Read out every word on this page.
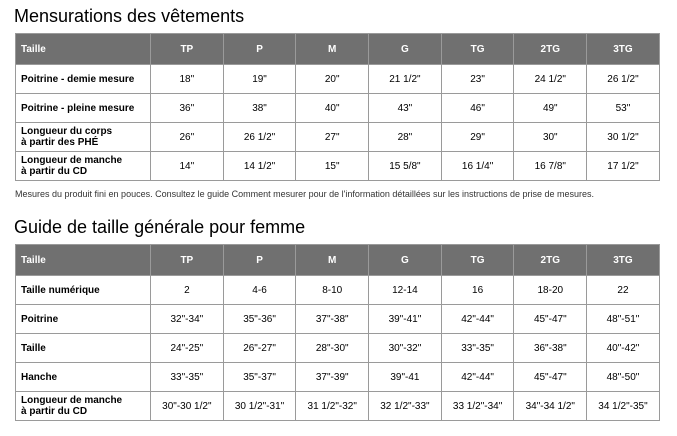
Mensurations des vêtements
Taille	TP	P	M	G	TG	2TG	3TG

Poitrine - demie mesure	18"	19"	20"	21 1/2"	23"	24 1/2"	26 1/2"

Poitrine - pleine mesure	36"	38"	40"	43"	46"	49"	53"

Longueur du corps
à partir des PHÉ	26"	26 1/2"	27"	28"	29"	30"	30 1/2"

Longueur de manche
à partir du CD	14"	14 1/2"	15"	15 5/8"	16 1/4"	16 7/8"	17 1/2"
Mesures du produit fini en pouces. Consultez le guide Comment mesurer pour de l'information détaillées sur les instructions de prise de mesures.
Guide de taille générale pour femme
Taille	TP	P	M	G	TG	2TG	3TG

Taille numérique	2	4-6	8-10	12-14	16	18-20	22

Poitrine	32"-34"	35"-36"	37"-38"	39"-41"	42"-44"	45"-47"	48"-51"

Taille	24"-25"	26"-27"	28"-30"	30"-32"	33"-35"	36"-38"	40"-42"

Hanche	33"-35"	35"-37"	37"-39"	39"-41	42"-44"	45"-47"	48"-50"

Longueur de manche
à partir du CD	30"-30 1/2"	30 1/2"-31"	31 1/2"-32"	32 1/2"-33"	33 1/2"-34"	34"-34 1/2"	34 1/2"-35"
